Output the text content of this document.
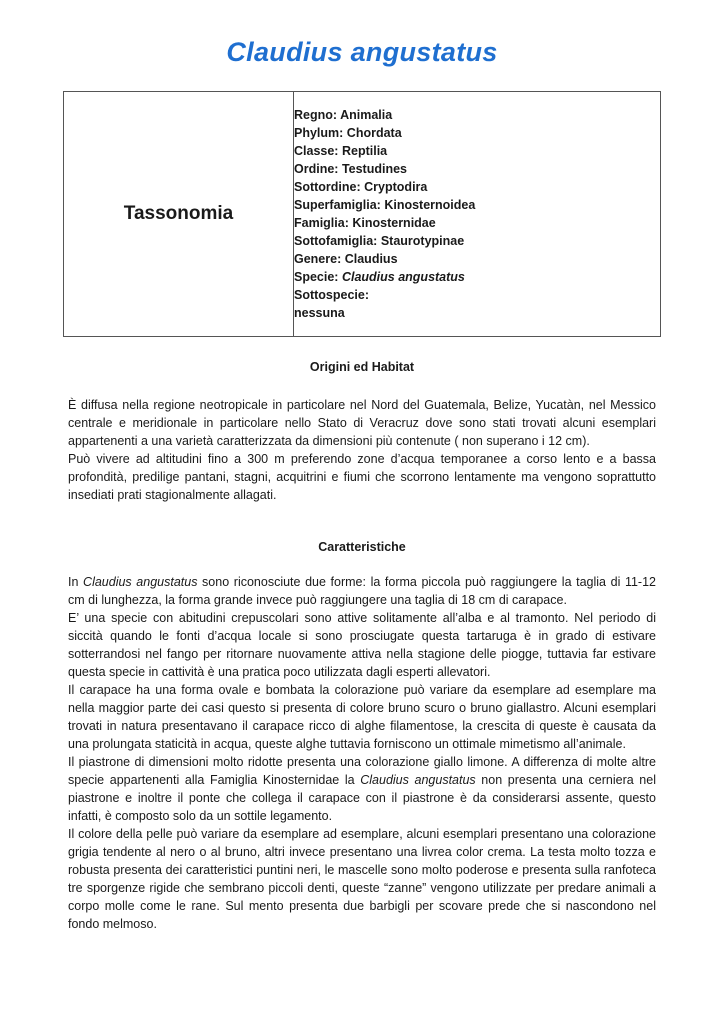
Claudius angustatus
Tassonomia	
Regno: Animalia
Phylum: Chordata
Classe: Reptilia
Ordine: Testudines
Sottordine: Cryptodira
Superfamiglia: Kinosternoidea
Famiglia: Kinosternidae
Sottofamiglia: Staurotypinae
Genere: Claudius
Specie: Claudius angustatus
Sottospecie:
nessuna
Origini ed Habitat

È diffusa nella regione neotropicale in particolare nel Nord del Guatemala, Belize, Yucatàn, nel Messico centrale e meridionale in particolare nello Stato di Veracruz dove sono stati trovati alcuni esemplari appartenenti a una varietà caratterizzata da dimensioni più contenute ( non superano i 12 cm).

Può vivere ad altitudini fino a 300 m preferendo zone d’acqua temporanee a corso lento e a bassa profondità, predilige pantani, stagni, acquitrini e fiumi che scorrono lentamente ma vengono soprattutto insediati prati stagionalmente allagati.

Caratteristiche

In Claudius angustatus sono riconosciute due forme: la forma piccola può raggiungere la taglia di 11-12 cm di lunghezza, la forma grande invece può raggiungere una taglia di 18 cm di carapace.

E’ una specie con abitudini crepuscolari sono attive solitamente all’alba e al tramonto. Nel periodo di siccità quando le fonti d’acqua locale si sono prosciugate questa tartaruga è in grado di estivare sotterrandosi nel fango per ritornare nuovamente attiva nella stagione delle piogge, tuttavia far estivare questa specie in cattività è una pratica poco utilizzata dagli esperti allevatori.

Il carapace ha una forma ovale e bombata la colorazione può variare da esemplare ad esemplare ma nella maggior parte dei casi questo si presenta di colore bruno scuro o bruno giallastro. Alcuni esemplari trovati in natura presentavano il carapace ricco di alghe filamentose, la crescita di queste è causata da una prolungata staticità in acqua, queste alghe tuttavia forniscono un ottimale mimetismo all’animale.

Il piastrone di dimensioni molto ridotte presenta una colorazione giallo limone. A differenza di molte altre specie appartenenti alla Famiglia Kinosternidae la Claudius angustatus non presenta una cerniera nel piastrone e inoltre il ponte che collega il carapace con il piastrone è da considerarsi assente, questo infatti, è composto solo da un sottile legamento.

Il colore della pelle può variare da esemplare ad esemplare, alcuni esemplari presentano una colorazione grigia tendente al nero o al bruno, altri invece presentano una livrea color crema. La testa molto tozza e robusta presenta dei caratteristici puntini neri, le mascelle sono molto poderose e presenta sulla ranfoteca tre sporgenze rigide che sembrano piccoli denti, queste “zanne” vengono utilizzate per predare animali a corpo molle come le rane. Sul mento presenta due barbigli per scovare prede che si nascondono nel fondo melmoso.
